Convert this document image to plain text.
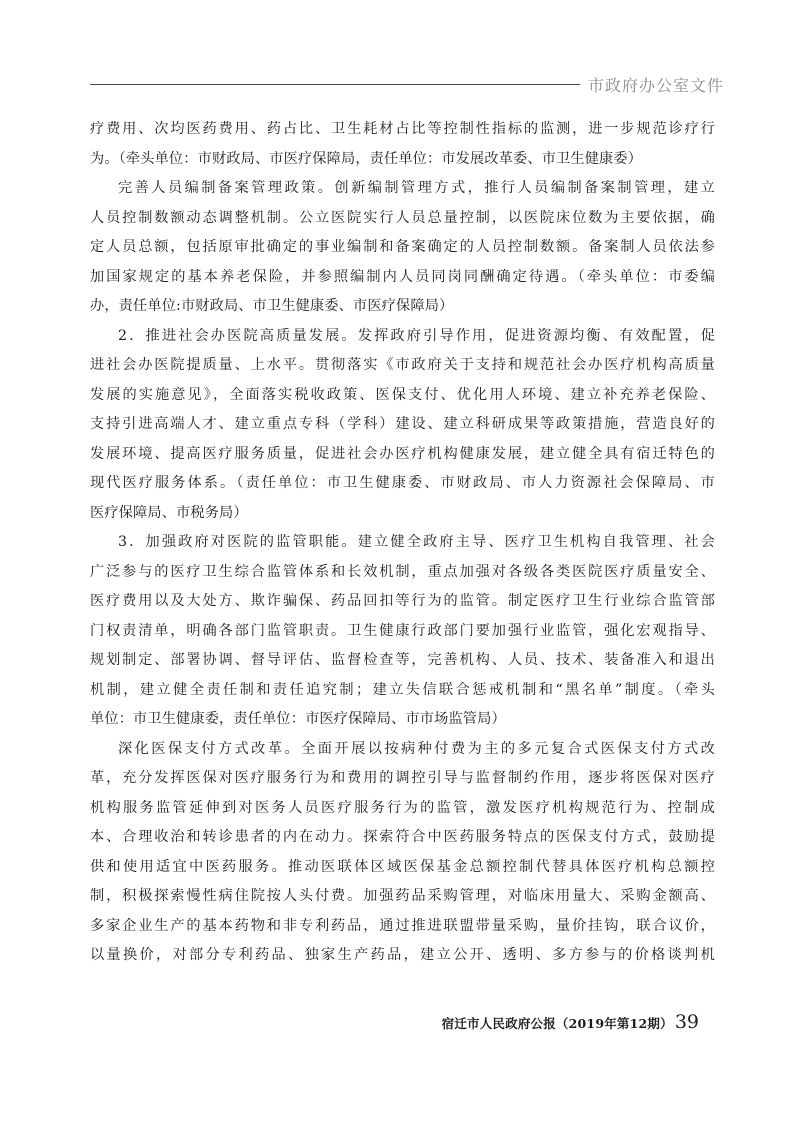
市政府办公室文件
疗费用、次均医药费用、药占比、卫生耗材占比等控制性指标的监测，进一步规范诊疗行
为。（牵头单位：市财政局、市医疗保障局，责任单位：市发展改革委、市卫生健康委）
完善人员编制备案管理政策。创新编制管理方式，推行人员编制备案制管理，建立
人员控制数额动态调整机制。公立医院实行人员总量控制，以医院床位数为主要依据，确
定人员总额，包括原审批确定的事业编制和备案确定的人员控制数额。备案制人员依法参
加国家规定的基本养老保险，并参照编制内人员同岗同酬确定待遇。（牵头单位：市委编
办，责任单位:市财政局、市卫生健康委、市医疗保障局）
2．推进社会办医院高质量发展。发挥政府引导作用，促进资源均衡、有效配置，促
进社会办医院提质量、上水平。贯彻落实《市政府关于支持和规范社会办医疗机构高质量
发展的实施意见》，全面落实税收政策、医保支付、优化用人环境、建立补充养老保险、
支持引进高端人才、建立重点专科（学科）建设、建立科研成果等政策措施，营造良好的
发展环境、提高医疗服务质量，促进社会办医疗机构健康发展，建立健全具有宿迁特色的
现代医疗服务体系。（责任单位：市卫生健康委、市财政局、市人力资源社会保障局、市
医疗保障局、市税务局）
3．加强政府对医院的监管职能。建立健全政府主导、医疗卫生机构自我管理、社会
广泛参与的医疗卫生综合监管体系和长效机制，重点加强对各级各类医院医疗质量安全、
医疗费用以及大处方、欺诈骗保、药品回扣等行为的监管。制定医疗卫生行业综合监管部
门权责清单，明确各部门监管职责。卫生健康行政部门要加强行业监管，强化宏观指导、
规划制定、部署协调、督导评估、监督检查等，完善机构、人员、技术、装备准入和退出
机制，建立健全责任制和责任追究制；建立失信联合惩戒机制和“黑名单”制度。（牵头
单位：市卫生健康委，责任单位：市医疗保障局、市市场监管局）
深化医保支付方式改革。全面开展以按病种付费为主的多元复合式医保支付方式改
革，充分发挥医保对医疗服务行为和费用的调控引导与监督制约作用，逐步将医保对医疗
机构服务监管延伸到对医务人员医疗服务行为的监管，激发医疗机构规范行为、控制成
本、合理收治和转诊患者的内在动力。探索符合中医药服务特点的医保支付方式，鼓励提
供和使用适宜中医药服务。推动医联体区域医保基金总额控制代替具体医疗机构总额控
制，积极探索慢性病住院按人头付费。加强药品采购管理，对临床用量大、采购金额高、
多家企业生产的基本药物和非专利药品，通过推进联盟带量采购，量价挂钩，联合议价，
以量换价，对部分专利药品、独家生产药品，建立公开、透明、多方参与的价格谈判机
宿迁市人民政府公报（2019年第12期） 39
